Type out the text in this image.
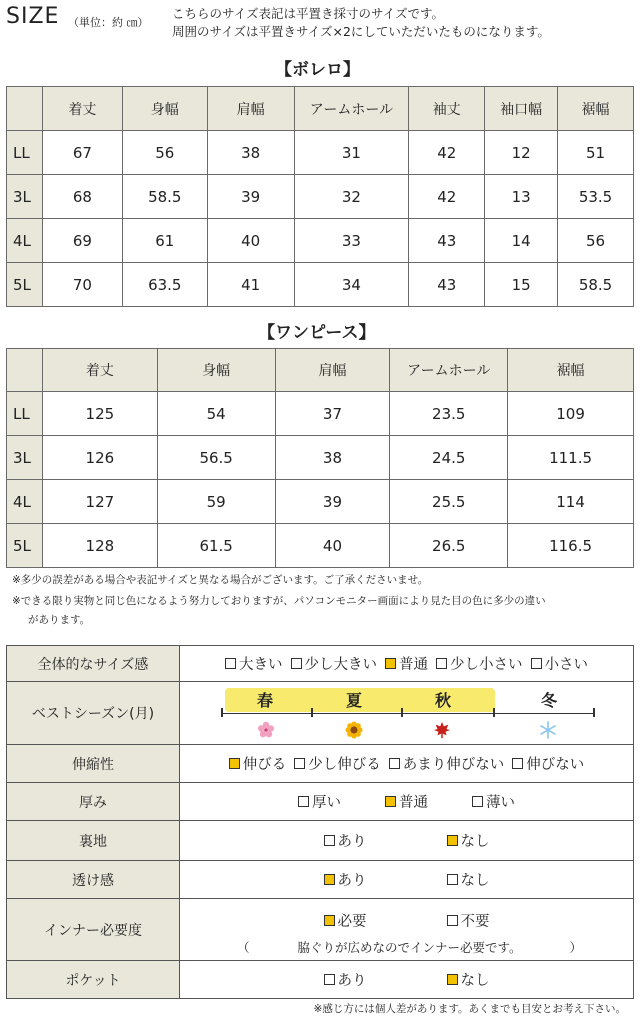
SIZE （単位：約 ㎝）
こちらのサイズ表記は平置き採寸のサイズです。
周囲のサイズは平置きサイズ×2にしていただいたものになります。
【ボレロ】
	着丈	身幅	肩幅	アームホール	袖丈	袖口幅	裾幅
LL	67	56	38	31	42	12	51
3L	68	58.5	39	32	42	13	53.5
4L	69	61	40	33	43	14	56
5L	70	63.5	41	34	43	15	58.5
【ワンピース】
	着丈	身幅	肩幅	アームホール	裾幅
LL	125	54	37	23.5	109
3L	126	56.5	38	24.5	111.5
4L	127	59	39	25.5	114
5L	128	61.5	40	26.5	116.5
※多少の誤差がある場合や表記サイズと異なる場合がございます。ご了承くださいませ。
※できる限り実物と同じ色になるよう努力しておりますが、パソコンモニター画面により見た目の色に多少の違い
があります。
全体的なサイズ感	大きい 少し大きい 普通 少し小さい 小さい

ベストシーズン(月)	春 夏 秋 冬

伸縮性	伸びる 少し伸びる あまり伸びない 伸びない

厚み	厚い 普通 薄い

裏地	あり なし

透け感	あり なし

インナー必要度	必要 不要
（ 脇ぐりが広めなのでインナー必要です。 ）

ポケット	あり なし
※感じ方には個人差があります。あくまでも目安とお考え下さい。
